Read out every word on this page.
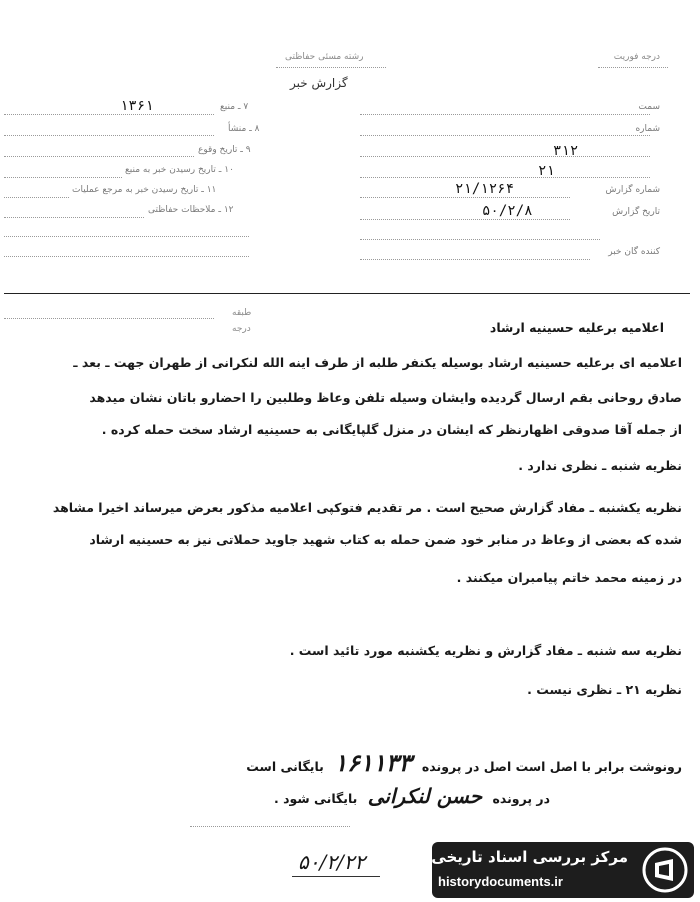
درجه فوریت
رشته مسئی حفاظتی
گزارش خبر
۷ ـ منبع
۱۳۶۱
۸ ـ منشأ
۹ ـ تاریخ وقوع
۱۰ ـ تاریخ رسیدن خبر به منبع
۱۱ ـ تاریخ رسیدن خبر به مرجع عملیات
۱۲ ـ ملاحظات حفاظتی
سمت
شماره
۳۱۲
۲۱
شماره گزارش
۲۱/۱۲۶۴
تاریخ گزارش
۵۰/۲/۸
کننده گان خبر
طبقه
درجه	اعلامیه برعلیه حسینیه ارشاد
اعلامیه ای برعلیه حسینیه ارشاد بوسیله یکنفر طلبه از طرف اینه الله لنکرانی از طهران جهت ـ بعد ـ
صادق روحانی بقم ارسال گردیده وایشان وسیله تلفن وعاظ وطلبین را احضارو باتان نشان میدهد
از جمله آقا صدوقی اظهارنظر که ایشان در منزل گلپایگانی به حسینیه ارشاد سخت حمله کرده .
نظریه شنبه ـ نظری ندارد .
نظریه یکشنبه ـ مفاد گزارش صحیح است . مر تقدیم فتوکپی اعلامیه مذکور بعرض میرساند اخیرا مشاهد
شده که بعضی از وعاظ در منابر خود ضمن حمله به کتاب شهید جاوید حملاتی نیز به حسینیه ارشاد
در زمینه محمد خاتم پیامبران میکنند .
نظریه سه شنبه ـ مفاد گزارش و نظریه یکشنبه مورد تائید است .
نظریه ۲۱ ـ نظری نیست .
رونوشت برابر با اصل است اصل در پرونده ۱۶۱۱۳۳ بایگانی است
در پرونده حسن لنکرانی بایگانی شود .
۵۰/۲/۲۲	مرکز بررسی اسناد تاریخی
historydocuments.ir
